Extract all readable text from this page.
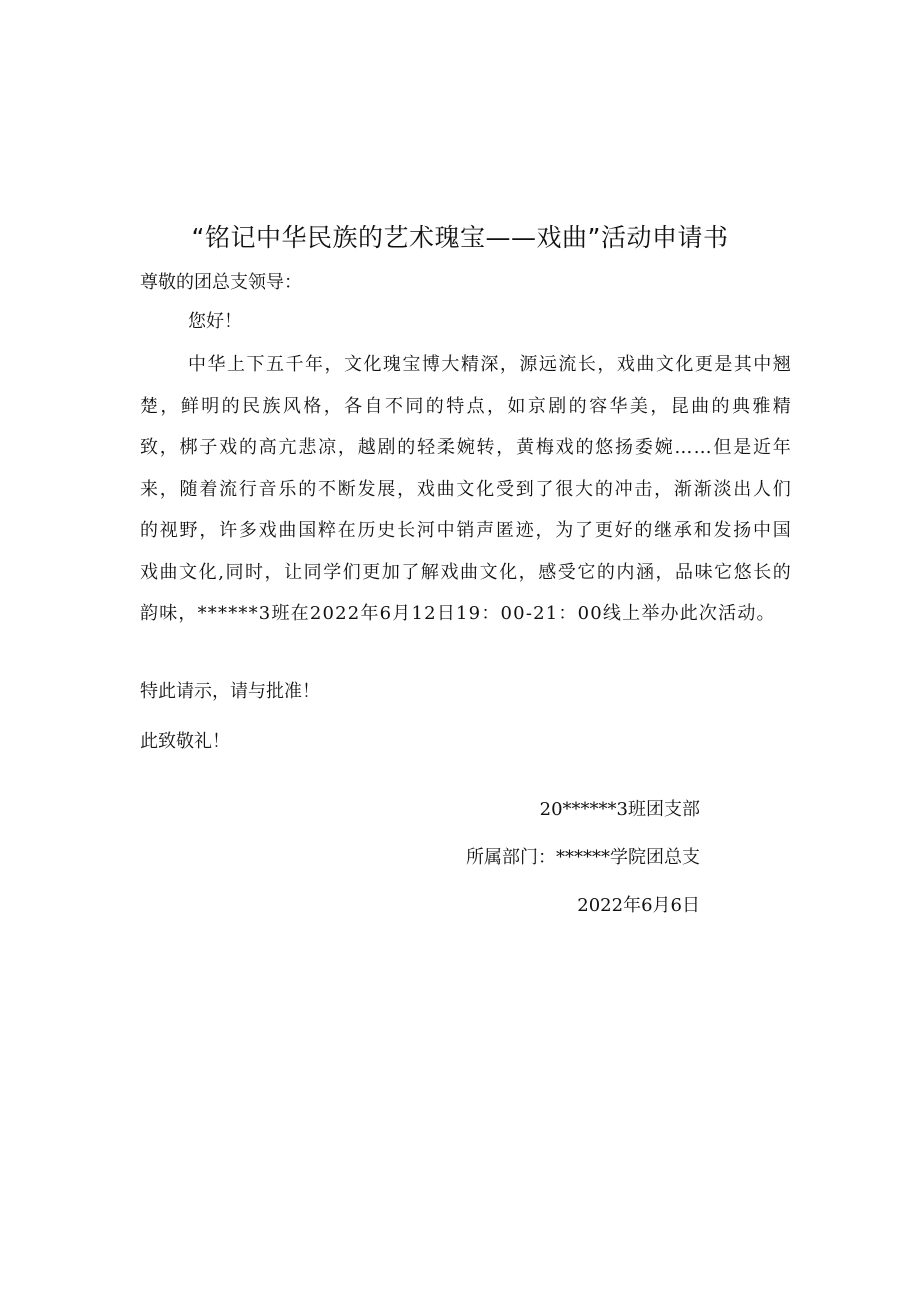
“铭记中华民族的艺术瑰宝——戏曲”活动申请书
尊敬的团总支领导：
您好！

中华上下五千年，文化瑰宝博大精深，源远流长，戏曲文化更是其中翘楚，鲜明的民族风格，各自不同的特点，如京剧的容华美，昆曲的典雅精致，梆子戏的高亢悲凉，越剧的轻柔婉转，黄梅戏的悠扬委婉……但是近年来，随着流行音乐的不断发展，戏曲文化受到了很大的冲击，渐渐淡出人们的视野，许多戏曲国粹在历史长河中销声匿迹，为了更好的继承和发扬中国戏曲文化,同时，让同学们更加了解戏曲文化，感受它的内涵，品味它悠长的韵味，******3班在2022年6月12日19：00-21：00线上举办此次活动。

特此请示，请与批准！
此致敬礼！
20******3班团支部
所属部门：******学院团总支
2022年6月6日
